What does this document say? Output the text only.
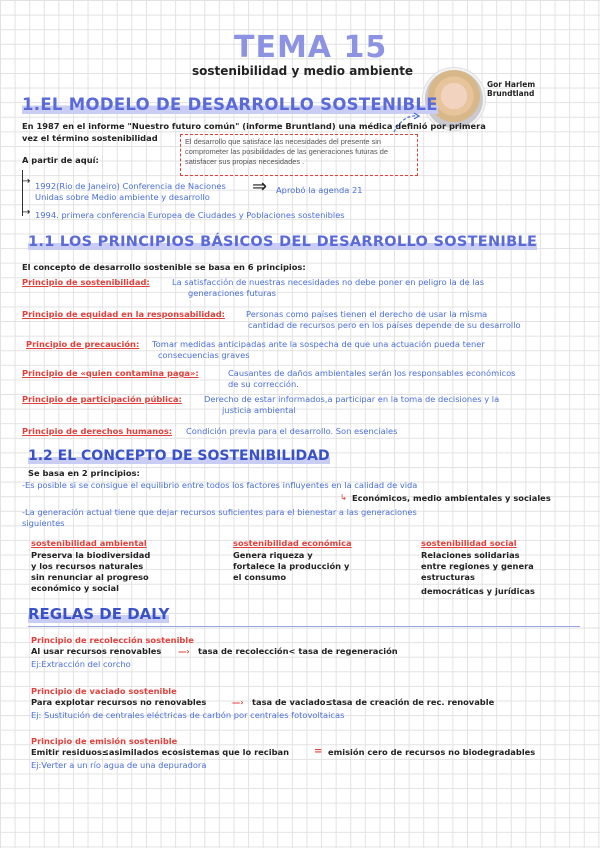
TEMA 15
sostenibilidad y medio ambiente
Gor Harlem
Brundtland
1.EL MODELO DE DESARROLLO SOSTENIBLE
En 1987 en el informe "Nuestro futuro común" (informe Bruntland) una médica definió por primera
vez el término sostenibilidad	El desarrollo que satisface las necesidades del presente sin comprometer las posibilidades de las generaciones futuras de satisfacer sus propias necesidades .
A partir de aquí:
→ 1992(Rio de Janeiro) Conferencia de Naciones
Unidas sobre Medio ambiente y desarrollo ⇒ Aprobó la agenda 21
→ 1994. primera conferencia Europea de Ciudades y Poblaciones sostenibles
1.1 LOS PRINCIPIOS BÁSICOS DEL DESARROLLO SOSTENIBLE
El concepto de desarrollo sostenible se basa en 6 principios:
Principio de sostenibilidad:	La satisfacción de nuestras necesidades no debe poner en peligro la de las
generaciones futuras
Principio de equidad en la responsabilidad:	Personas como países tienen el derecho de usar la misma
cantidad de recursos pero en los países depende de su desarrollo
Principio de precaución: Tomar medidas anticipadas ante la sospecha de que una actuación pueda tener
consecuencias graves
Principio de «quien contamina paga»:	Causantes de daños ambientales serán los responsables económicos
de su corrección.
Principio de participación pública:	Derecho de estar informados,a participar en la toma de decisiones y la
justicia ambiental
Principio de derechos humanos: Condición previa para el desarrollo. Son esenciales
1.2 EL CONCEPTO DE SOSTENIBILIDAD
Se basa en 2 principios:
-Es posible si se consigue el equilibrio entre todos los factores influyentes en la calidad de vida
↳ Económicos, medio ambientales y sociales
-La generación actual tiene que dejar recursos suficientes para el bienestar a las generaciones
siguientes
sostenibilidad ambiental
Preserva la biodiversidad
y los recursos naturales
sin renunciar al progreso
económico y social
sostenibilidad económica
Genera riqueza y
fortalece la producción y
el consumo
sostenibilidad social
Relaciones solidarias
entre regiones y genera
estructuras
democráticas y jurídicas
REGLAS DE DALY
Principio de recolección sostenible
Al usar recursos renovables —› tasa de recolección< tasa de regeneración
Ej:Extracción del corcho
Principio de vaciado sostenible
Para explotar recursos no renovables	—› tasa de vaciado≤tasa de creación de rec. renovable
Ej: Sustitución de centrales eléctricas de carbón por centrales fotovoltaicas
Principio de emisión sostenible
Emitir residuos≤asimilados ecosistemas que lo reciban = emisión cero de recursos no biodegradables
Ej:Verter a un río agua de una depuradora
